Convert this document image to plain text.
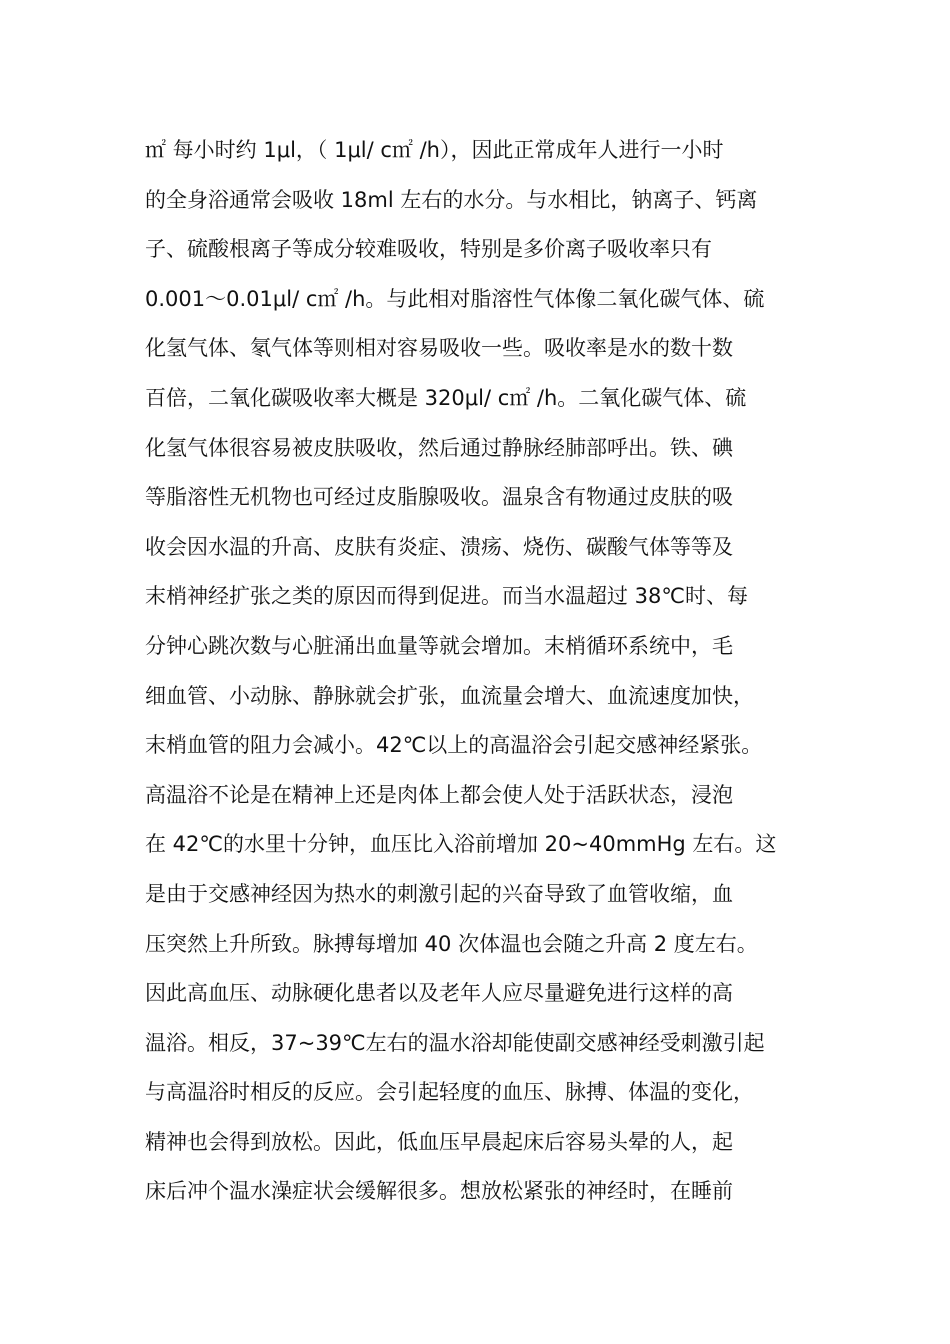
㎡ 每小时约 1μl，（ 1μl/ c㎡ /h），因此正常成年人进行一小时
的全身浴通常会吸收 18ml 左右的水分。与水相比，钠离子、钙离
子、硫酸根离子等成分较难吸收，特别是多价离子吸收率只有
0.001～0.01μl/ c㎡ /h。与此相对脂溶性气体像二氧化碳气体、硫
化氢气体、氡气体等则相对容易吸收一些。吸收率是水的数十数
百倍，二氧化碳吸收率大概是 320μl/ c㎡ /h。二氧化碳气体、硫
化氢气体很容易被皮肤吸收，然后通过静脉经肺部呼出。铁、碘
等脂溶性无机物也可经过皮脂腺吸收。温泉含有物通过皮肤的吸
收会因水温的升高、皮肤有炎症、溃疡、烧伤、碳酸气体等等及
末梢神经扩张之类的原因而得到促进。而当水温超过 38℃时、每
分钟心跳次数与心脏涌出血量等就会增加。末梢循环系统中，毛
细血管、小动脉、静脉就会扩张，血流量会增大、血流速度加快，
末梢血管的阻力会减小。42℃以上的高温浴会引起交感神经紧张。
高温浴不论是在精神上还是肉体上都会使人处于活跃状态，浸泡
在 42℃的水里十分钟，血压比入浴前增加 20~40mmHg 左右。这
是由于交感神经因为热水的刺激引起的兴奋导致了血管收缩，血
压突然上升所致。脉搏每增加 40 次体温也会随之升高 2 度左右。
因此高血压、动脉硬化患者以及老年人应尽量避免进行这样的高
温浴。相反，37~39℃左右的温水浴却能使副交感神经受刺激引起
与高温浴时相反的反应。会引起轻度的血压、脉搏、体温的变化，
精神也会得到放松。因此，低血压早晨起床后容易头晕的人，起
床后冲个温水澡症状会缓解很多。想放松紧张的神经时，在睡前
